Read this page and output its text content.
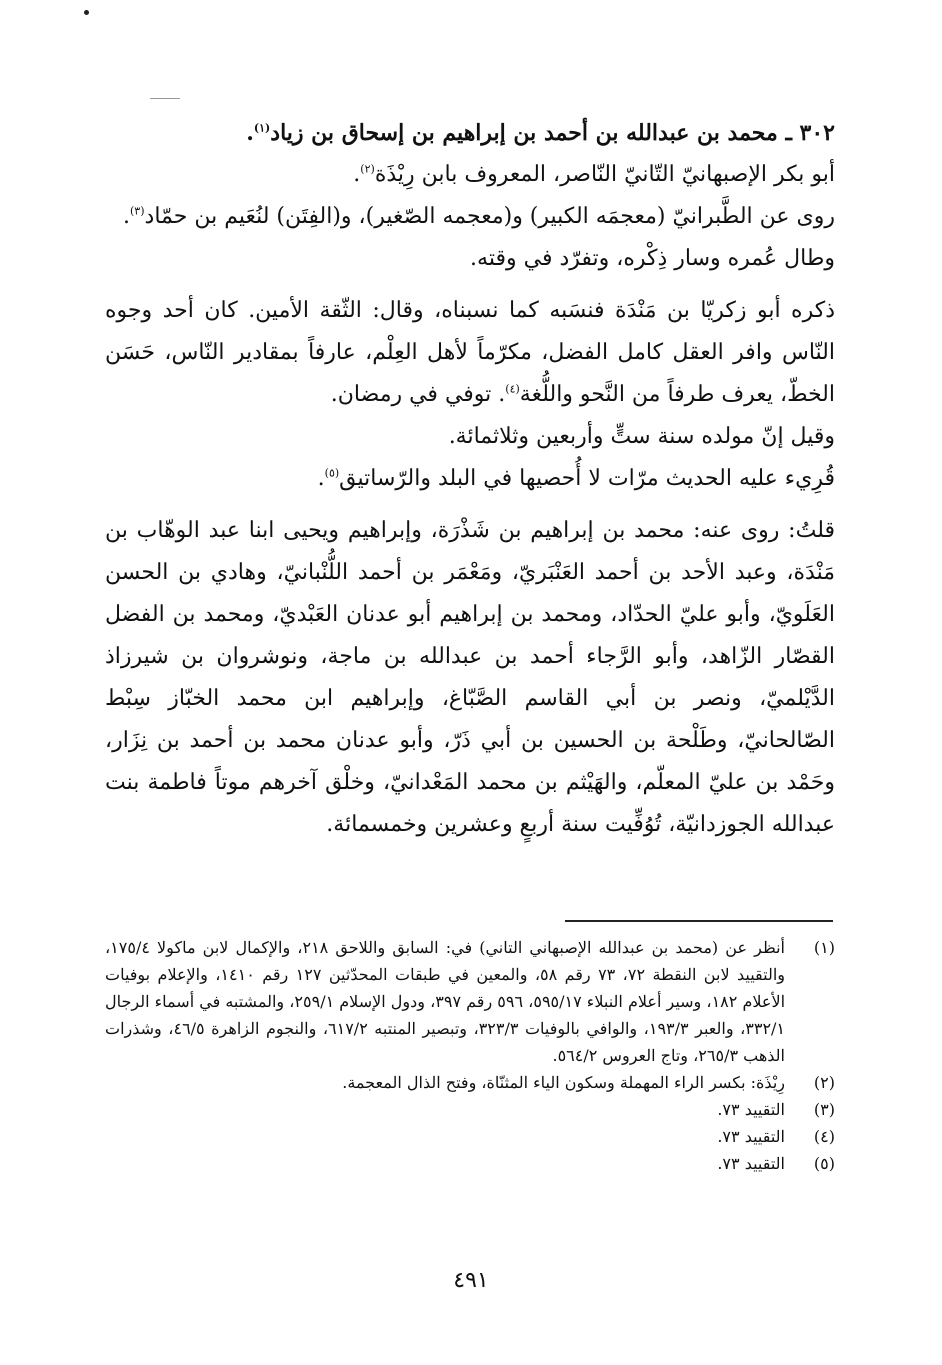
٣٠٢ ـ محمد بن عبدالله بن أحمد بن إبراهيم بن إسحاق بن زياد$^{(١)}$.

أبو بكر الإصبهانيّ التّانيّ النّاصر، المعروف بابن رِيْذَة$^{(٢)}$.

روى عن الطَّبرانيّ (معجمَه الكبير) و(معجمه الصّغير)، و(الفِتَن) لنُعَيم بن حمّاد$^{(٣)}$.

وطال عُمره وسار ذِكْره، وتفرّد في وقته.

ذكره أبو زكريّا بن مَنْدَة فنسَبه كما نسبناه، وقال: الثّقة الأمين. كان أحد وجوه النّاس وافر العقل كامل الفضل، مكرّماً لأهل العِلْم، عارفاً بمقادير النّاس، حَسَن الخطّ، يعرف طرفاً من النَّحو واللُّغة$^{(٤)}$. توفي في رمضان.

وقيل إنّ مولده سنة ستٍّ وأربعين وثلاثمائة.

قُرِيء عليه الحديث مرّات لا أُحصيها في البلد والرّساتيق$^{(٥)}$.

قلتُ: روى عنه: محمد بن إبراهيم بن شَذْرَة، وإبراهيم ويحيى ابنا عبد الوهّاب بن مَنْدَة، وعبد الأحد بن أحمد العَنْبَريّ، ومَعْمَر بن أحمد اللُّنْبانيّ، وهادي بن الحسن العَلَويّ، وأبو عليّ الحدّاد، ومحمد بن إبراهيم أبو عدنان العَبْديّ، ومحمد بن الفضل القصّار الزّاهد، وأبو الرَّجاء أحمد بن عبدالله بن ماجة، ونوشروان بن شيرزاذ الدَّيْلميّ، ونصر بن أبي القاسم الصَّبّاغ، وإبراهيم ابن محمد الخبّاز سِبْط الصّالحانيّ، وطَلْحة بن الحسين بن أبي ذَرّ، وأبو عدنان محمد بن أحمد بن نِزَار، وحَمْد بن عليّ المعلّم، والهَيْثم بن محمد المَعْدانيّ، وخلْق آخرهم موتاً فاطمة بنت عبدالله الجوزدانيّة، تُوُفِّيت سنة أربعٍ وعشرين وخمسمائة.

(١)
أنظر عن (محمد بن عبدالله الإصبهاني التاني) في: السابق واللاحق ٢١٨، والإكمال لابن ماكولا ١٧٥/٤، والتقييد لابن النقطة ٧٢، ٧٣ رقم ٥٨، والمعين في طبقات المحدّثين ١٢٧ رقم ١٤١٠، والإعلام بوفيات الأعلام ١٨٢، وسير أعلام النبلاء ٥٩٥/١٧، ٥٩٦ رقم ٣٩٧، ودول الإسلام ٢٥٩/١، والمشتبه في أسماء الرجال ٣٣٢/١، والعبر ١٩٣/٣، والوافي بالوفيات ٣٢٣/٣، وتبصير المنتبه ٦١٧/٢، والنجوم الزاهرة ٤٦/٥، وشذرات الذهب ٢٦٥/٣، وتاج العروس ٥٦٤/٢.
(٢)
رِيْذَة: بكسر الراء المهملة وسكون الياء المثنّاة، وفتح الذال المعجمة.
(٣)
التقييد ٧٣.
(٤)
التقييد ٧٣.
(٥)
التقييد ٧٣.
٤٩١
